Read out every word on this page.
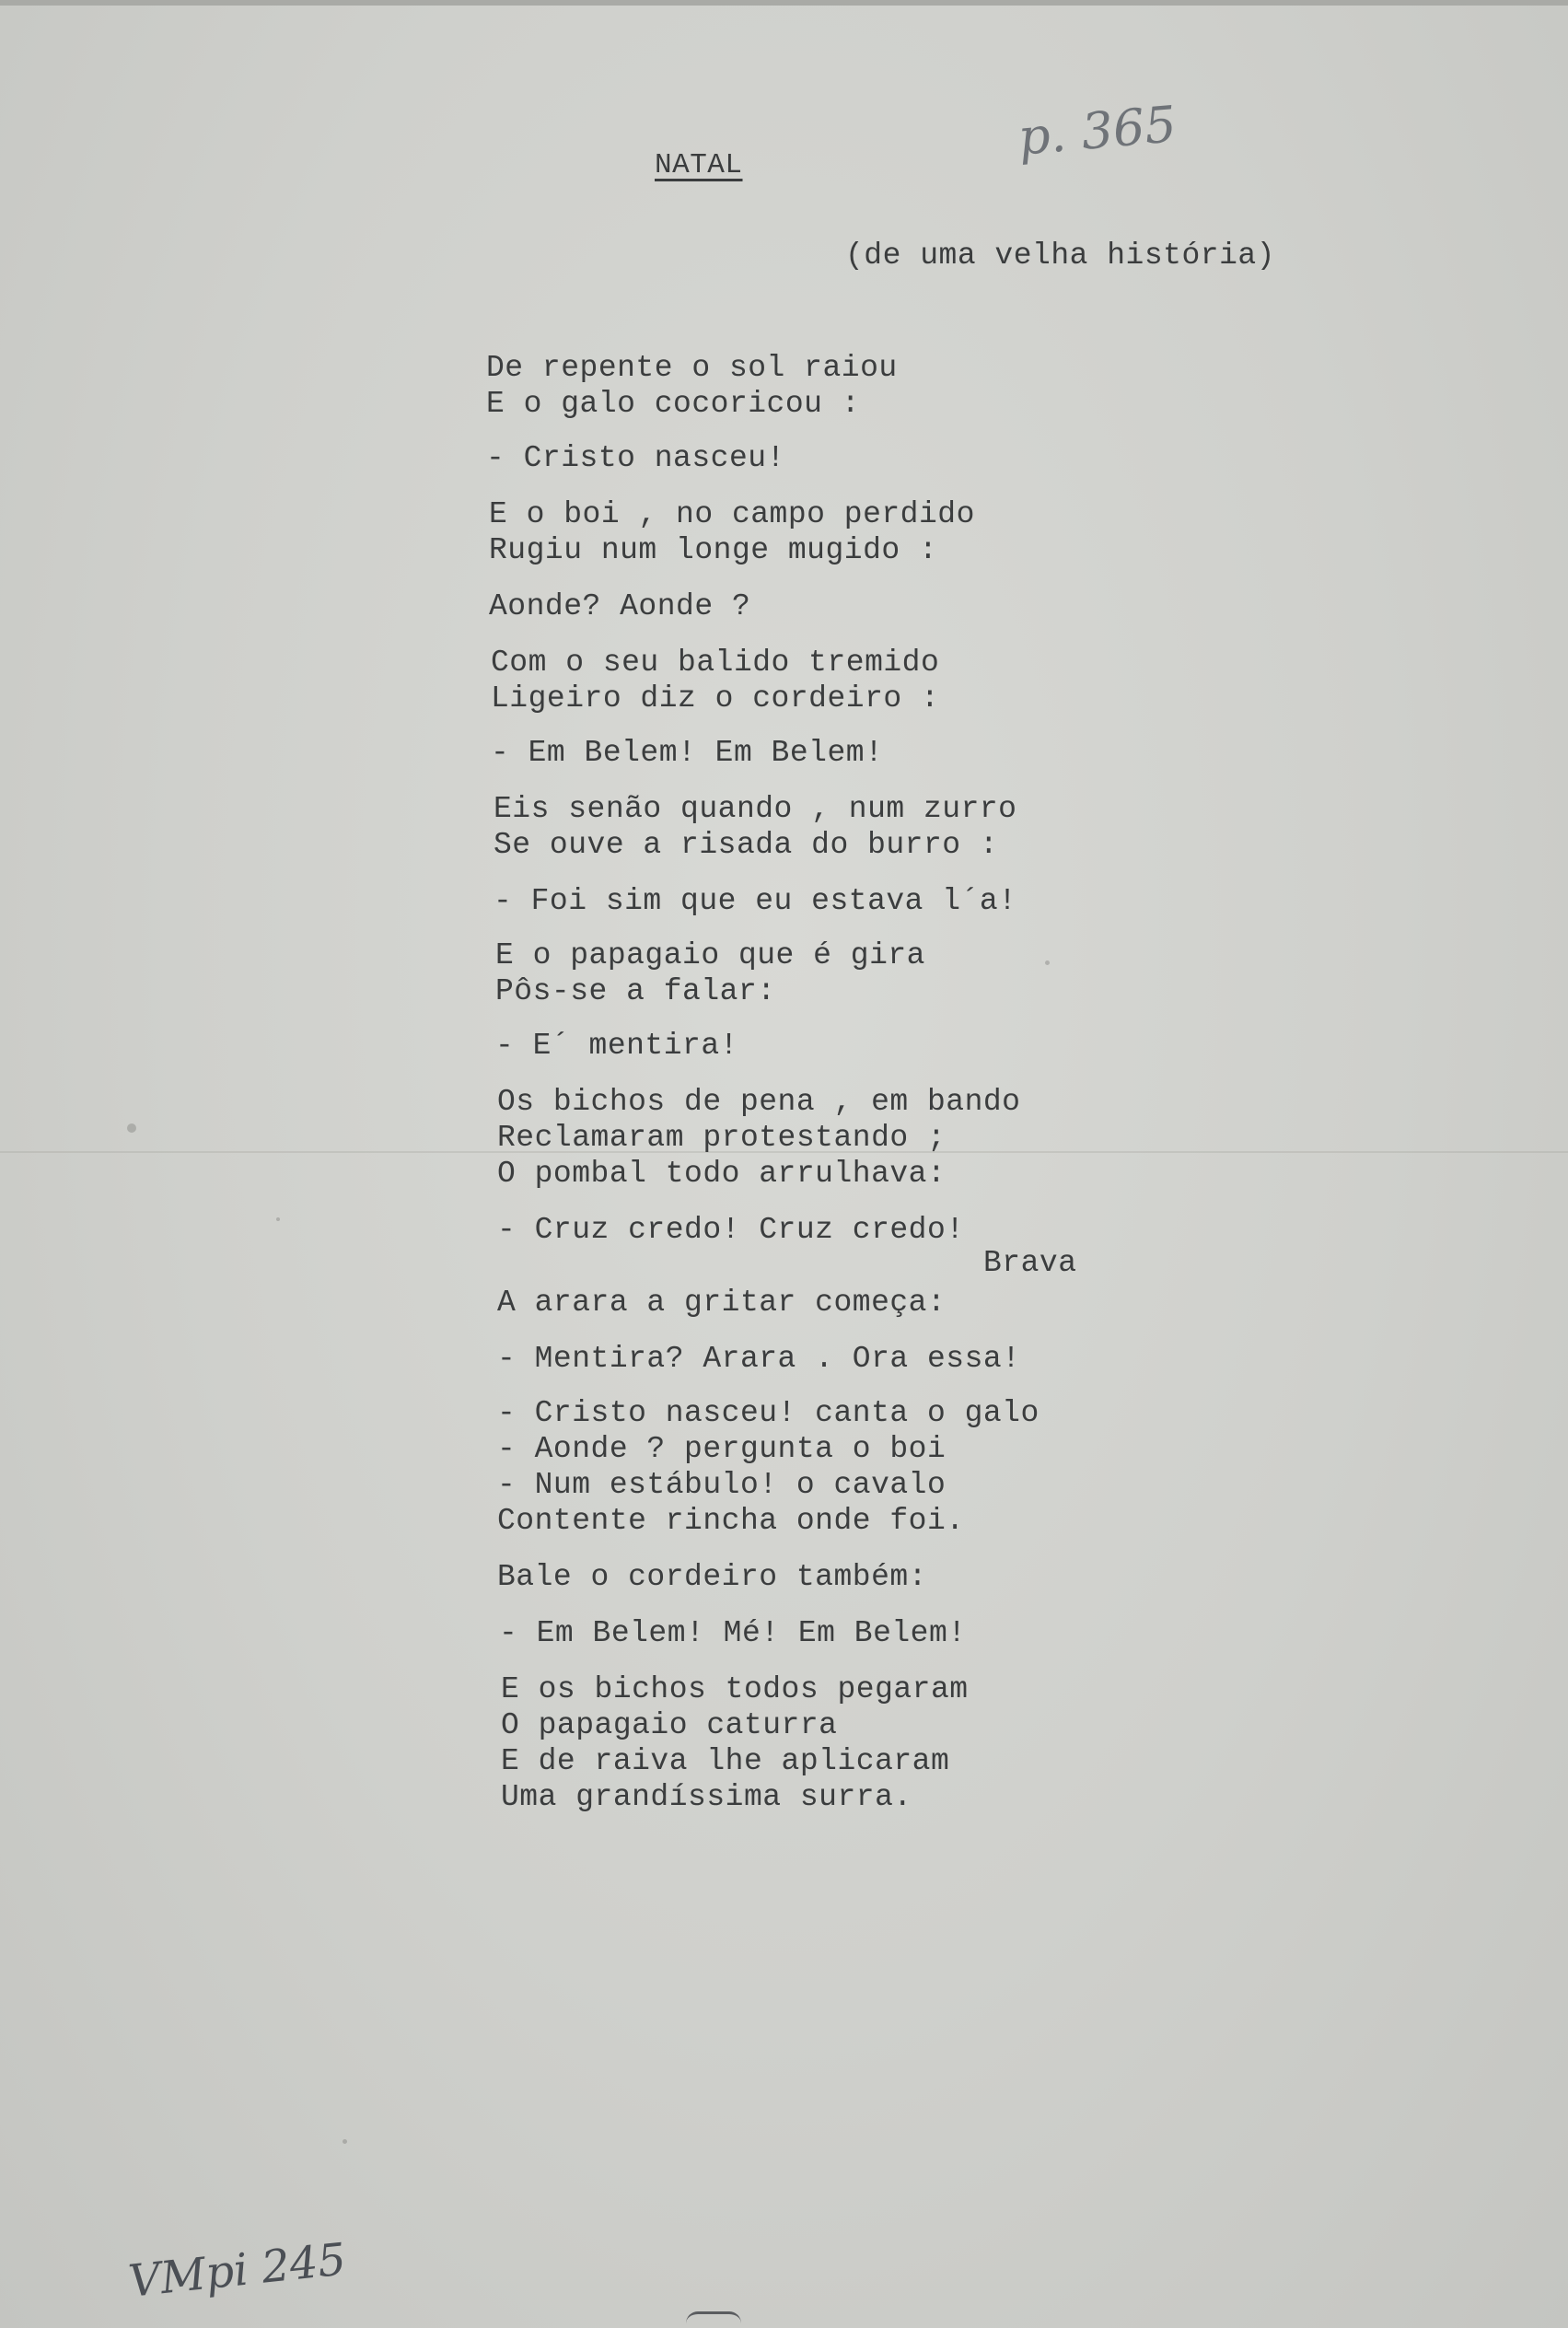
p. 365
NATAL
(de uma velha história)
De repente o sol raiou
E o galo cocoricou :
- Cristo nasceu!
E o boi , no campo perdido
Rugiu num longe mugido :
Aonde? Aonde ?
Com o seu balido tremido
Ligeiro diz o cordeiro :
- Em Belem! Em Belem!
Eis senão quando , num zurro
Se ouve a risada do burro :
- Foi sim que eu estava l´a!
E o papagaio que é gira
Pôs-se a falar:
- E´ mentira!
Os bichos de pena , em bando
Reclamaram protestando ;
O pombal todo arrulhava:
- Cruz credo! Cruz credo!
A arara a gritar começa:
- Mentira? Arara . Ora essa!
- Cristo nasceu! canta o galo
- Aonde ? pergunta o boi
- Num estábulo! o cavalo
Contente rincha onde foi.
Bale o cordeiro também:
- Em Belem! Mé! Em Belem!
E os bichos todos pegaram
O papagaio caturra
E de raiva lhe aplicaram
Uma grandíssima surra.
Brava
VMpi 245
